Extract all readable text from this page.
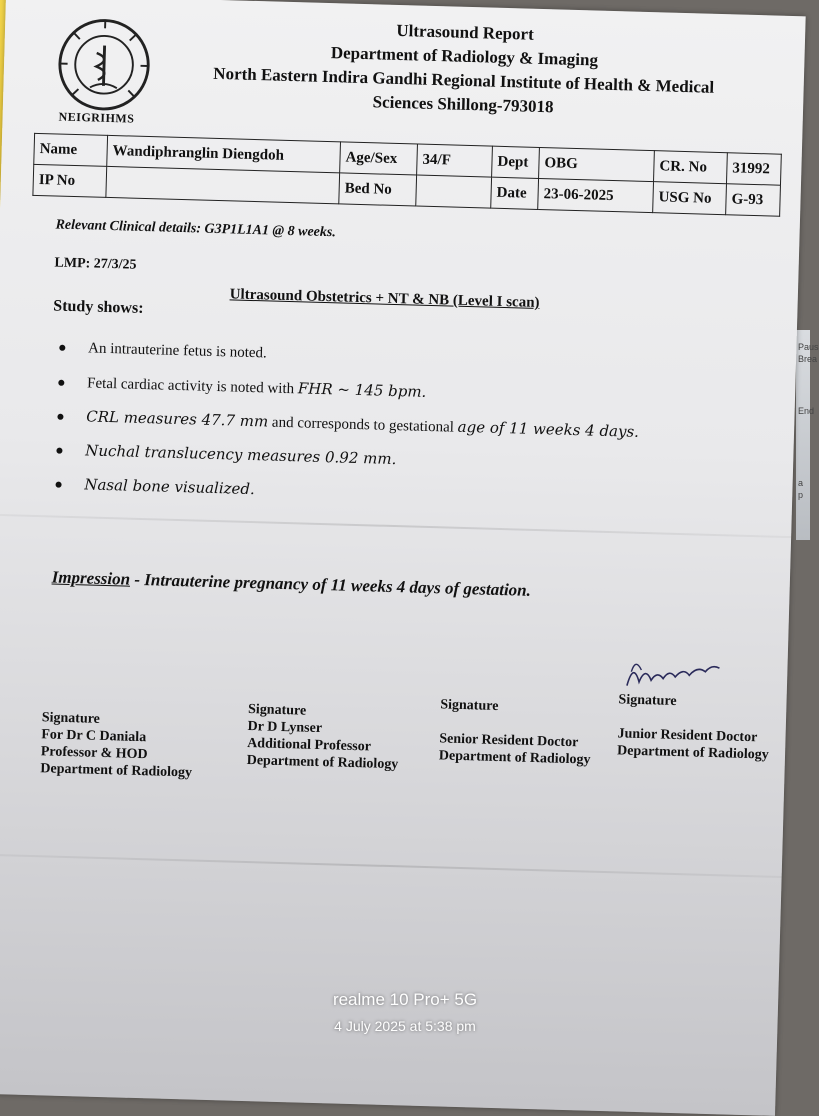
Paus
Brea
End
a
p
NEIGRIHMS
Ultrasound Report
Department of Radiology & Imaging
North Eastern Indira Gandhi Regional Institute of Health & Medical
Sciences Shillong-793018
Name	Wandiphranglin Diengdoh	Age/Sex	34/F	Dept	OBG	CR. No	31992
IP No		Bed No		Date	23-06-2025	USG No	G-93
Relevant Clinical details: G3P1L1A1 @ 8 weeks.
LMP: 27/3/25
Ultrasound Obstetrics + NT & NB (Level I scan)
Study shows:
● An intrauterine fetus is noted.
● Fetal cardiac activity is noted with FHR ~ 145 bpm.
● CRL measures 47.7 mm and corresponds to gestational age of 11 weeks 4 days.
● Nuchal translucency measures 0.92 mm.
● Nasal bone visualized.
Impression - Intrauterine pregnancy of 11 weeks 4 days of gestation.
Signature
For Dr C Daniala
Professor & HOD
Department of Radiology
Signature
Dr D Lynser
Additional Professor
Department of Radiology
Signature
Senior Resident Doctor
Department of Radiology
Signature
Junior Resident Doctor
Department of Radiology
realme 10 Pro+ 5G
4 July 2025 at 5:38 pm
